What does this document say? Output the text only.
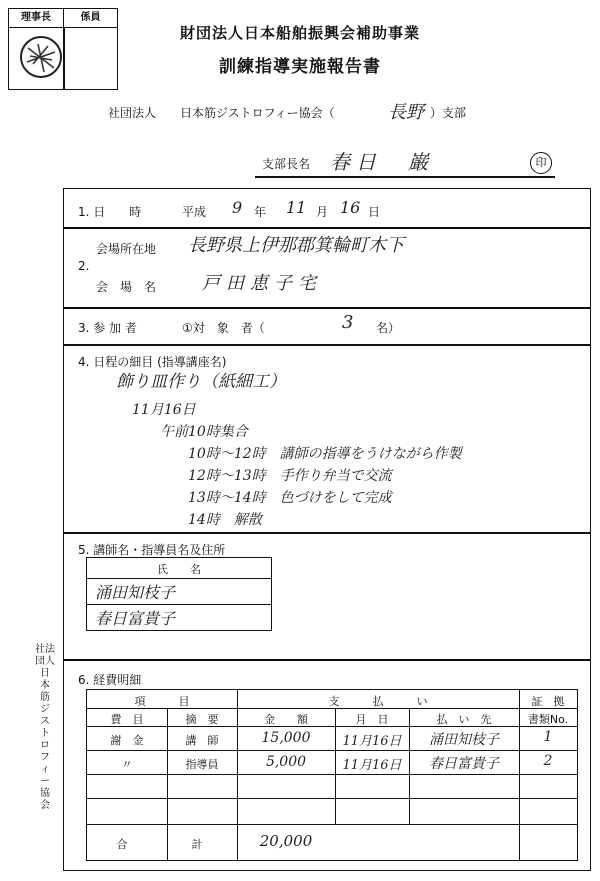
理事長	係員
財団法人日本船舶振興会補助事業
訓練指導実施報告書
社団法人 日本筋ジストロフィー協会（	長野 ）支部
支部長名 春日　巌	印
1. 日　　時	平成 9 年 11 月 16 日
2.
会場所在地 長野県上伊那郡箕輪町木下
会　場　名	戸田恵子宅
3. 参 加 者	①対　象　者（	3 名）
4. 日程の細目 (指導講座名)
飾り皿作り（紙細工）
11月16日
午前10時集合
10時〜12時　講師の指導をうけながら作製
12時〜13時　手作り弁当で交流
13時〜14時　色づけをして完成
14時　解散
5. 講師名・指導員名及住所
氏　　名
涌田知枝子
春日富貴子
6. 経費明細
項　　　目	支　　　払　　　い	証　拠
費　目	摘　要	金　　額	月　日	払　い　先	書類No.
謝　金	講　師	15,000	11月16日	涌田知枝子	1
〃	指導員	5,000	11月16日	春日富貴子	2
合	計	20,000
社法
団人
日
本
筋
ジ
ス
ト
ロ
フ
ィ
ー
協
会
